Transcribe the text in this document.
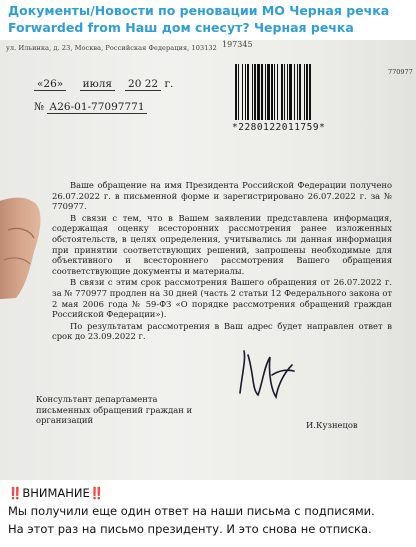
Документы/Новости по реновации МО Черная речка
Forwarded from Наш дом снесут? Черная речка
ул. Ильинка, д. 23, Москва, Российская Федерация, 103132 197345
«26» июля 20 22 г.
№ А26-01-77097771
*2280122011759*
770977

Ваше обращение на имя Президента Российской Федерации получено 26.07.2022 г. в письменной форме и зарегистрировано 26.07.2022 г. за № 770977.

В связи с тем, что в Вашем заявлении представлена информация, содержащая оценку всесторонних рассмотрения ранее изложенных обстоятельств, в целях определения, учитывались ли данная информация при принятии соответствующих решений, запрошены необходимые для объективного и всестороннего рассмотрения Вашего обращения соответствующие документы и материалы.

В связи с этим срок рассмотрения Вашего обращения от 26.07.2022 г. за № 770977 продлен на 30 дней (часть 2 статьи 12 Федерального закона от 2 мая 2006 года № 59-ФЗ «О порядке рассмотрения обращений граждан Российской Федерации»).

По результатам рассмотрения в Ваш адрес будет направлен ответ в срок до 23.09.2022 г.

Консультант департамента письменных обращений граждан и организаций	И.Кузнецов
‼️ВНИМАНИЕ‼️
Мы получили еще один ответ на наши письма с подписями.
На этот раз на письмо президенту. И это снова не отписка.
